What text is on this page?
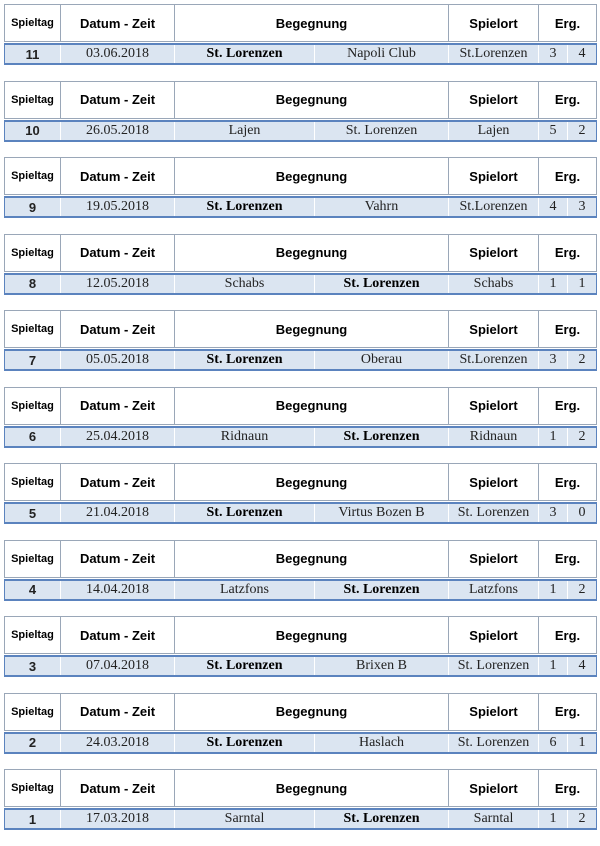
Spieltag	Datum - Zeit	Begegnung	Spielort	Erg.
11	03.06.2018	St. Lorenzen	Napoli Club	St.Lorenzen	3	4
Spieltag	Datum - Zeit	Begegnung	Spielort	Erg.
10	26.05.2018	Lajen	St. Lorenzen	Lajen	5	2
Spieltag	Datum - Zeit	Begegnung	Spielort	Erg.
9	19.05.2018	St. Lorenzen	Vahrn	St.Lorenzen	4	3
Spieltag	Datum - Zeit	Begegnung	Spielort	Erg.
8	12.05.2018	Schabs	St. Lorenzen	Schabs	1	1
Spieltag	Datum - Zeit	Begegnung	Spielort	Erg.
7	05.05.2018	St. Lorenzen	Oberau	St.Lorenzen	3	2
Spieltag	Datum - Zeit	Begegnung	Spielort	Erg.
6	25.04.2018	Ridnaun	St. Lorenzen	Ridnaun	1	2
Spieltag	Datum - Zeit	Begegnung	Spielort	Erg.
5	21.04.2018	St. Lorenzen	Virtus Bozen B	St. Lorenzen	3	0
Spieltag	Datum - Zeit	Begegnung	Spielort	Erg.
4	14.04.2018	Latzfons	St. Lorenzen	Latzfons	1	2
Spieltag	Datum - Zeit	Begegnung	Spielort	Erg.
3	07.04.2018	St. Lorenzen	Brixen B	St. Lorenzen	1	4
Spieltag	Datum - Zeit	Begegnung	Spielort	Erg.
2	24.03.2018	St. Lorenzen	Haslach	St. Lorenzen	6	1
Spieltag	Datum - Zeit	Begegnung	Spielort	Erg.
1	17.03.2018	Sarntal	St. Lorenzen	Sarntal	1	2
